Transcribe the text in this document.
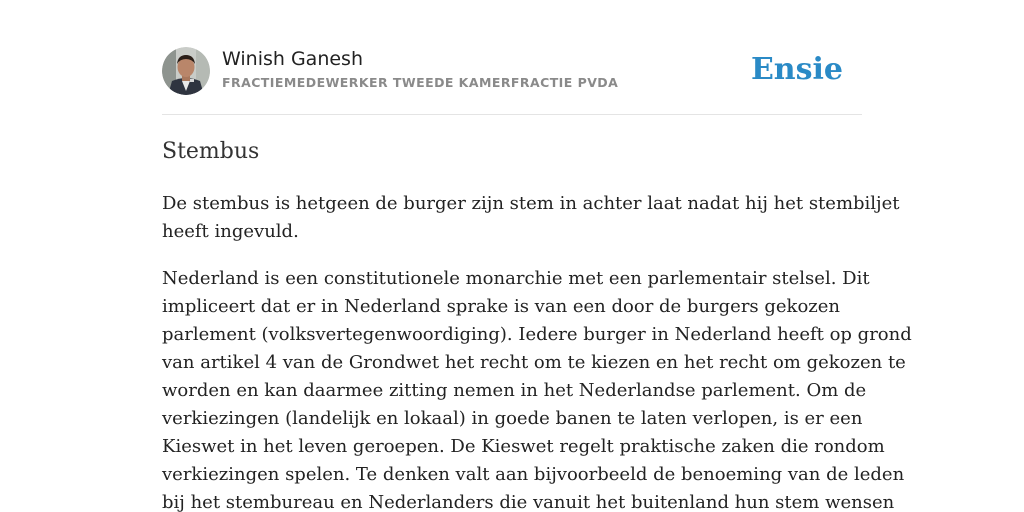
Winish Ganesh
FRACTIEMEDEWERKER TWEEDE KAMERFRACTIE PVDA	Ensie
Stembus

De stembus is hetgeen de burger zijn stem in achter laat nadat hij het stembiljet
heeft ingevuld.

Nederland is een constitutionele monarchie met een parlementair stelsel. Dit
impliceert dat er in Nederland sprake is van een door de burgers gekozen
parlement (volksvertegenwoordiging). Iedere burger in Nederland heeft op grond
van artikel 4 van de Grondwet het recht om te kiezen en het recht om gekozen te
worden en kan daarmee zitting nemen in het Nederlandse parlement. Om de
verkiezingen (landelijk en lokaal) in goede banen te laten verlopen, is er een
Kieswet in het leven geroepen. De Kieswet regelt praktische zaken die rondom
verkiezingen spelen. Te denken valt aan bijvoorbeeld de benoeming van de leden
bij het stembureau en Nederlanders die vanuit het buitenland hun stem wensen
